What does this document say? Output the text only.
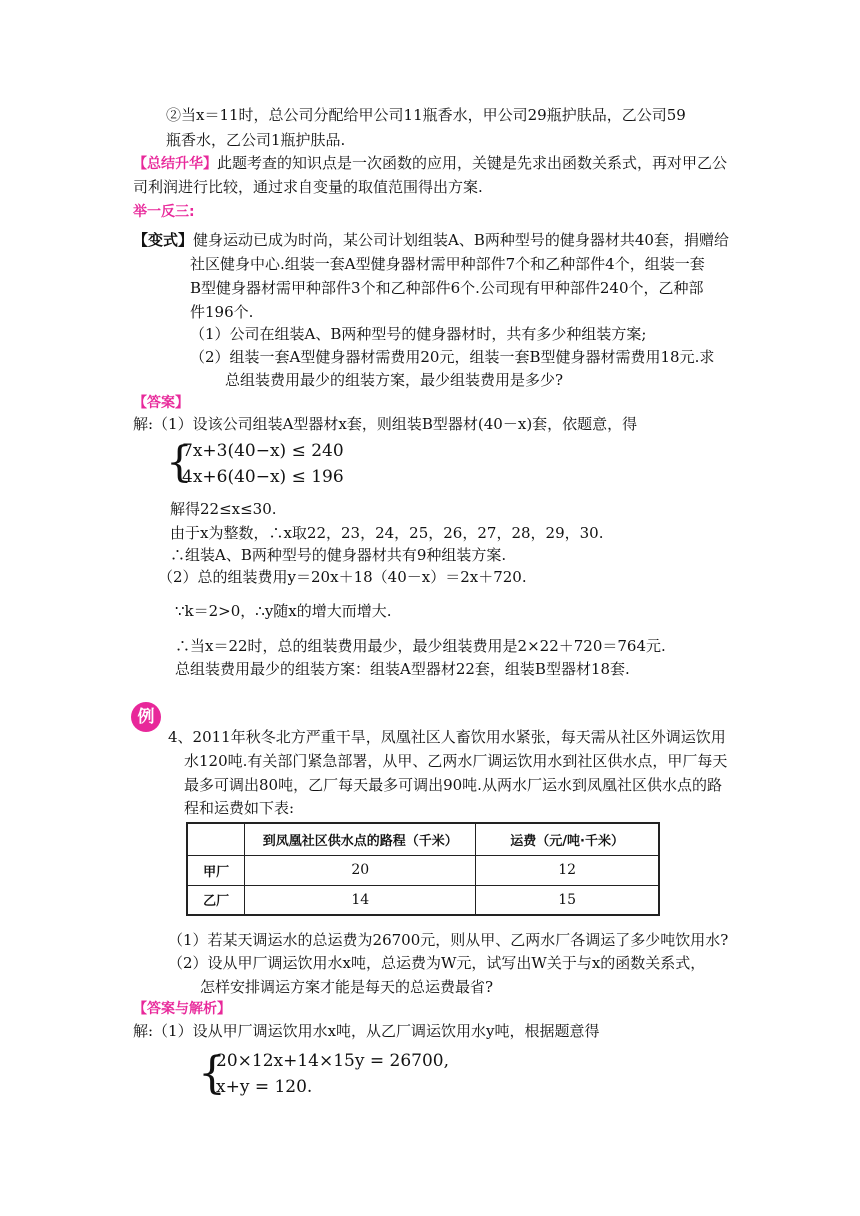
②当x＝11时，总公司分配给甲公司11瓶香水，甲公司29瓶护肤品，乙公司59
瓶香水，乙公司1瓶护肤品.
【总结升华】此题考查的知识点是一次函数的应用，关键是先求出函数关系式，再对甲乙公
司利润进行比较，通过求自变量的取值范围得出方案.
举一反三:
【变式】健身运动已成为时尚，某公司计划组装A、B两种型号的健身器材共40套，捐赠给
社区健身中心.组装一套A型健身器材需甲种部件7个和乙种部件4个，组装一套
B型健身器材需甲种部件3个和乙种部件6个.公司现有甲种部件240个，乙种部
件196个.
（1）公司在组装A、B两种型号的健身器材时，共有多少种组装方案;
（2）组装一套A型健身器材需费用20元，组装一套B型健身器材需费用18元.求
总组装费用最少的组装方案，最少组装费用是多少?
【答案】
解:（1）设该公司组装A型器材x套，则组装B型器材(40－x)套，依题意，得
{
7x+3(40−x) ≤ 240
4x+6(40−x) ≤ 196
解得22≤x≤30.
由于x为整数，∴x取22，23，24，25，26，27，28，29，30.
∴组装A、B两种型号的健身器材共有9种组装方案.
（2）总的组装费用y＝20x＋18（40－x）＝2x＋720.
∵k＝2>0，∴y随x的增大而增大.
∴当x＝22时，总的组装费用最少，最少组装费用是2×22＋720＝764元.
总组装费用最少的组装方案：组装A型器材22套，组装B型器材18套.
例
4、2011年秋冬北方严重干旱，凤凰社区人畜饮用水紧张，每天需从社区外调运饮用
水120吨.有关部门紧急部署，从甲、乙两水厂调运饮用水到社区供水点，甲厂每天
最多可调出80吨，乙厂每天最多可调出90吨.从两水厂运水到凤凰社区供水点的路
程和运费如下表:
	到凤凰社区供水点的路程（千米）	运费（元/吨·千米）
甲厂	20	12
乙厂	14	15
（1）若某天调运水的总运费为26700元，则从甲、乙两水厂各调运了多少吨饮用水?
（2）设从甲厂调运饮用水x吨，总运费为W元，试写出W关于与x的函数关系式，
怎样安排调运方案才能是每天的总运费最省?
【答案与解析】
解:（1）设从甲厂调运饮用水x吨，从乙厂调运饮用水y吨，根据题意得
{
20×12x+14×15y = 26700,
x+y = 120.
